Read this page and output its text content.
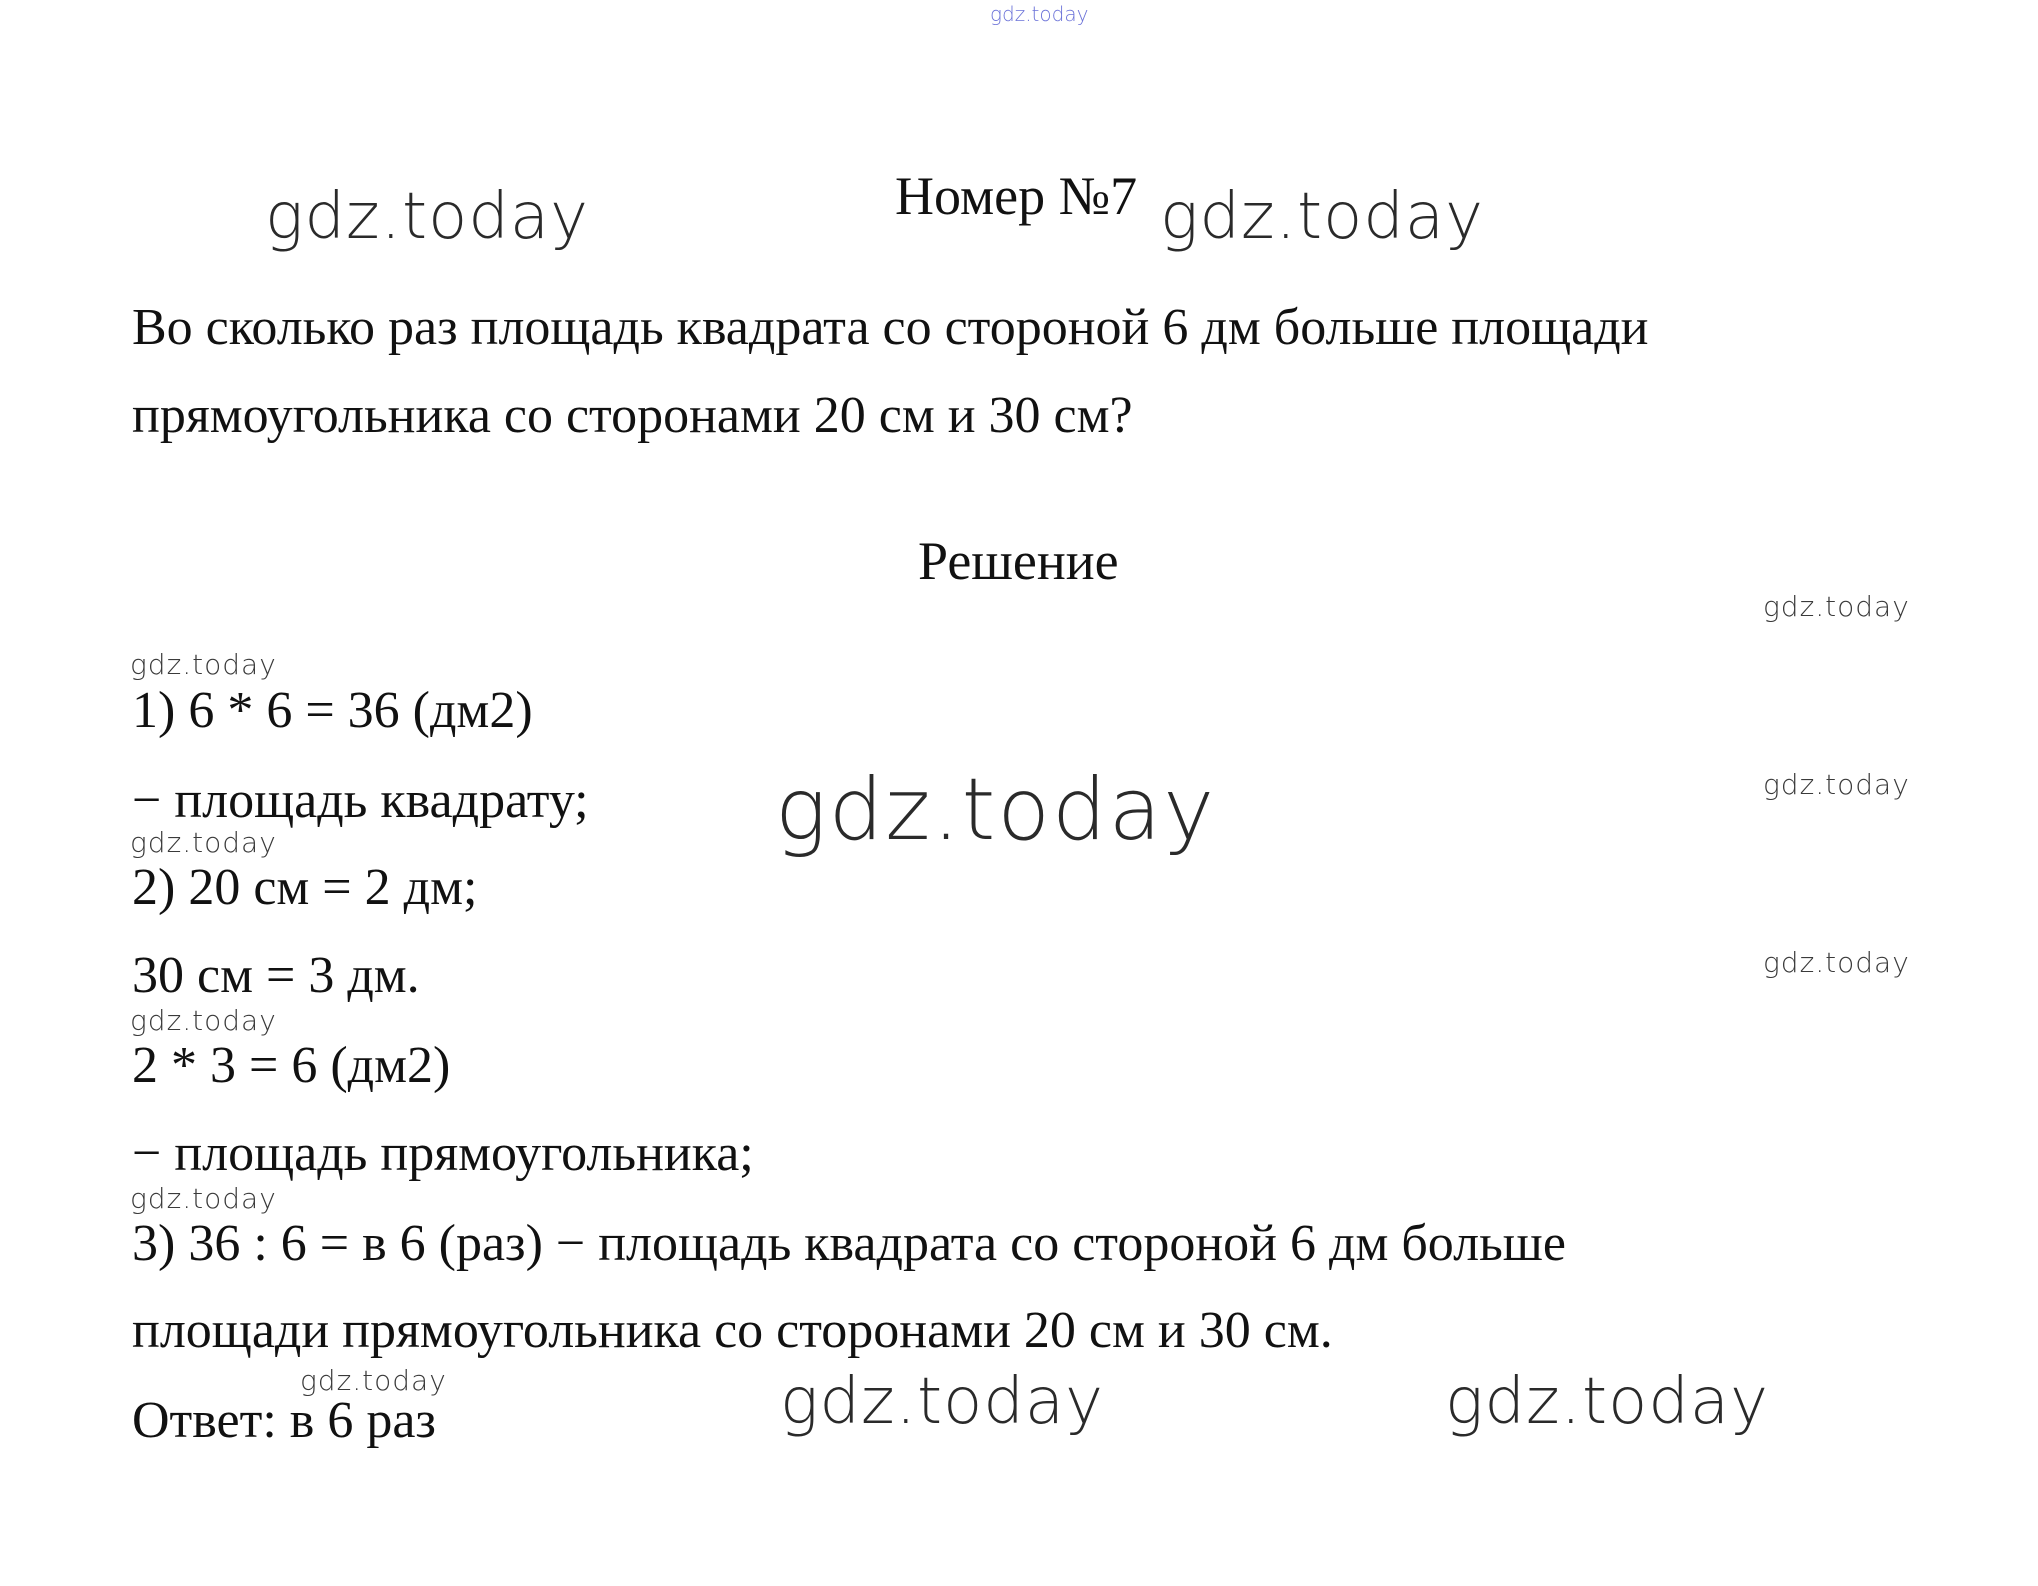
gdz.today
gdz.today	Номер №7 gdz.today
Во сколько раз площадь квадрата со стороной 6 дм больше площади
прямоугольника со сторонами 20 см и 30 см?
Решение
gdz.today
gdz.today
1) 6 * 6 = 36 (дм2)
− площадь квадрату; gdz.today	gdz.today
gdz.today
2) 20 см = 2 дм;
30 см = 3 дм.	gdz.today
gdz.today
2 * 3 = 6 (дм2)
− площадь прямоугольника;
gdz.today
3) 36 : 6 = в 6 (раз) − площадь квадрата со стороной 6 дм больше
площади прямоугольника со сторонами 20 см и 30 см.
gdz.today
Ответ: в 6 раз	gdz.today	gdz.today
